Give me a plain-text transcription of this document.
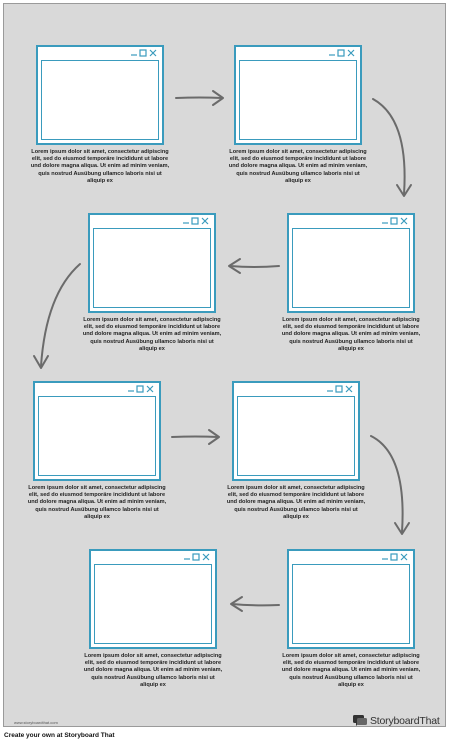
Lorem ipsum dolor sit amet, consectetur adipiscing elit, sed do eiusmod temporäre incididunt ut labore und dolore magna aliqua. Ut enim ad minim veniam, quis nostrud Ausübung ullamco laboris nisi ut aliquip ex
Lorem ipsum dolor sit amet, consectetur adipiscing elit, sed do eiusmod temporäre incididunt ut labore und dolore magna aliqua. Ut enim ad minim veniam, quis nostrud Ausübung ullamco laboris nisi ut aliquip ex
Lorem ipsum dolor sit amet, consectetur adipiscing elit, sed do eiusmod temporäre incididunt ut labore und dolore magna aliqua. Ut enim ad minim veniam, quis nostrud Ausübung ullamco laboris nisi ut aliquip ex
Lorem ipsum dolor sit amet, consectetur adipiscing elit, sed do eiusmod temporäre incididunt ut labore und dolore magna aliqua. Ut enim ad minim veniam, quis nostrud Ausübung ullamco laboris nisi ut aliquip ex
Lorem ipsum dolor sit amet, consectetur adipiscing elit, sed do eiusmod temporäre incididunt ut labore und dolore magna aliqua. Ut enim ad minim veniam, quis nostrud Ausübung ullamco laboris nisi ut aliquip ex
Lorem ipsum dolor sit amet, consectetur adipiscing elit, sed do eiusmod temporäre incididunt ut labore und dolore magna aliqua. Ut enim ad minim veniam, quis nostrud Ausübung ullamco laboris nisi ut aliquip ex
Lorem ipsum dolor sit amet, consectetur adipiscing elit, sed do eiusmod temporäre incididunt ut labore und dolore magna aliqua. Ut enim ad minim veniam, quis nostrud Ausübung ullamco laboris nisi ut aliquip ex
Lorem ipsum dolor sit amet, consectetur adipiscing elit, sed do eiusmod temporäre incididunt ut labore und dolore magna aliqua. Ut enim ad minim veniam, quis nostrud Ausübung ullamco laboris nisi ut aliquip ex
www.storyboardthat.com	StoryboardThat
Create your own at Storyboard That
